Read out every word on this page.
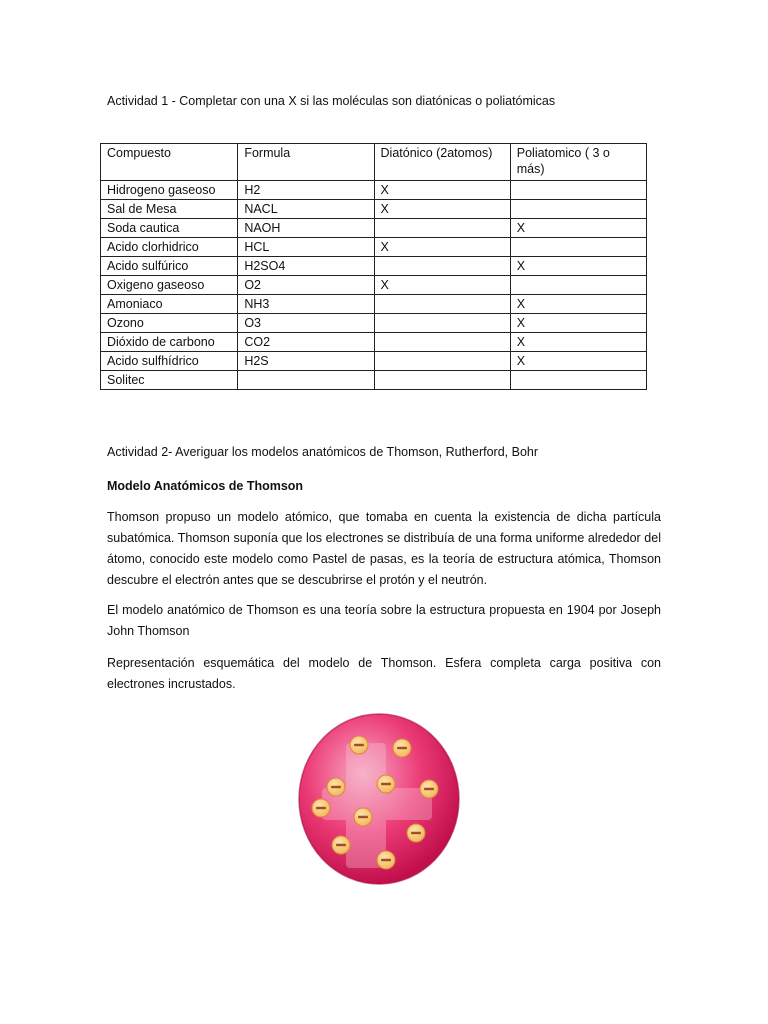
Actividad 1 - Completar con una X si las moléculas son diatónicas o poliatómicas
Compuesto	Formula	Diatónico (2atomos)	Poliatomico ( 3 o más)
Hidrogeno gaseoso	H2	X	
Sal de Mesa	NACL	X	
Soda cautica	NAOH		X
Acido clorhidrico	HCL	X	
Acido sulfúrico	H2SO4		X
Oxigeno gaseoso	O2	X	
Amoniaco	NH3		X
Ozono	O3		X
Dióxido de carbono	CO2		X
Acido sulfhídrico	H2S		X
Solitec			
Actividad 2- Averiguar los modelos anatómicos de Thomson, Rutherford, Bohr
Modelo Anatómicos de Thomson

Thomson propuso un modelo atómico, que tomaba en cuenta la existencia de dicha partícula subatómica. Thomson suponía que los electrones se distribuía de una forma uniforme alrededor del átomo, conocido este modelo como Pastel de pasas, es la teoría de estructura atómica, Thomson descubre el electrón antes que se descubrirse el protón y el neutrón.

El modelo anatómico de Thomson es una teoría sobre la estructura propuesta en 1904 por Joseph John Thomson

Representación esquemática del modelo de Thomson. Esfera completa carga positiva con electrones incrustados.
